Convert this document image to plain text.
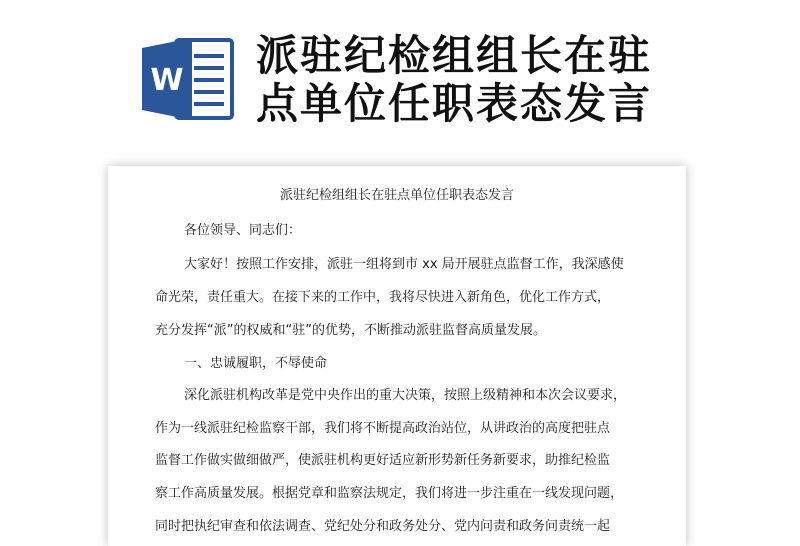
W
派驻纪检组组长在驻
点单位任职表态发言
派驻纪检组组长在驻点单位任职表态发言
各位领导、同志们：
大家好！按照工作安排，派驻一组将到市 xx 局开展驻点监督工作，我深感使
命光荣，责任重大。在接下来的工作中，我将尽快进入新角色，优化工作方式，
充分发挥“派”的权威和“驻”的优势，不断推动派驻监督高质量发展。
一、忠诚履职，不辱使命
深化派驻机构改革是党中央作出的重大决策，按照上级精神和本次会议要求，
作为一线派驻纪检监察干部，我们将不断提高政治站位，从讲政治的高度把驻点
监督工作做实做细做严，使派驻机构更好适应新形势新任务新要求，助推纪检监
察工作高质量发展。根据党章和监察法规定，我们将进一步注重在一线发现问题，
同时把执纪审查和依法调查、党纪处分和政务处分、党内问责和政务问责统一起
